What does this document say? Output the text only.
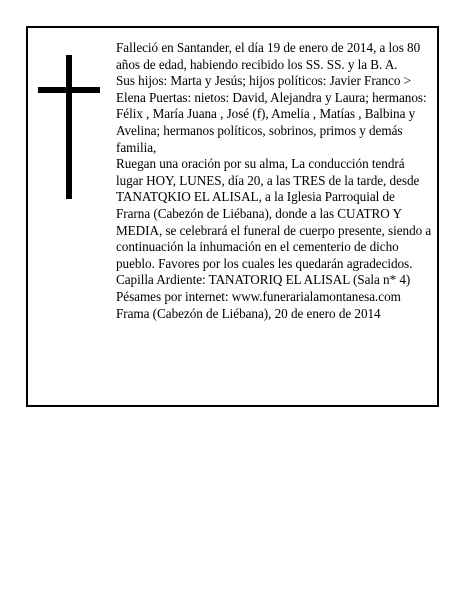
Falleció en Santander, el día 19 de enero de 2014, a los 80 años de edad, habiendo recibido los SS. SS. y la B. A.

Sus hijos: Marta y Jesús; hijos políticos: Javier Franco > Elena Puertas: nietos: David, Alejandra y Laura; hermanos: Félix , María Juana , José (f), Amelia , Matías , Balbina y Avelina; hermanos políticos, sobrinos, primos y demás familia,

Ruegan una oración por su alma, La conducción tendrá lugar HOY, LUNES, día 20, a las TRES de la tarde, desde TANATQKIO EL ALISAL, a la Iglesia Parroquial de Frarna (Cabezón de Liébana), donde a las CUATRO Y MEDIA, se celebrará el funeral de cuerpo presente, siendo a continuación la inhumación en el cementerio de dicho pueblo. Favores por los cuales les quedarán agradecidos. Capilla Ardiente: TANATORIQ EL ALISAL (Sala n* 4)

Pésames por internet: www.funerarialamontanesa.com

Frama (Cabezón de Liébana), 20 de enero de 2014
